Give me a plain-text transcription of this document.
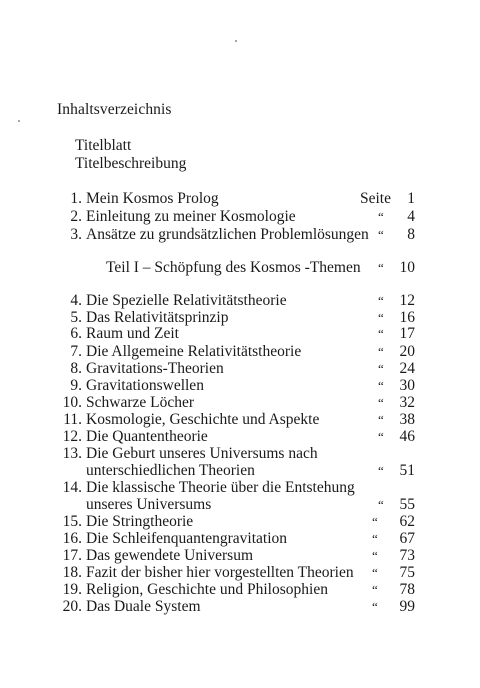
Inhaltsverzeichnis
Titelblatt
Titelbeschreibung
1. Mein Kosmos Prolog	Seite 1
2. Einleitung zu meiner Kosmologie	“ 4
3. Ansätze zu grundsätzlichen Problemlösungen “ 8
Teil I – Schöpfung des Kosmos -Themen “ 10
4. Die Spezielle Relativitätstheorie	“ 12
5. Das Relativitätsprinzip	“ 16
6. Raum und Zeit	“ 17
7. Die Allgemeine Relativitätstheorie	“ 20
8. Gravitations-Theorien	“ 24
9. Gravitationswellen	“ 30
10. Schwarze Löcher	“ 32
11. Kosmologie, Geschichte und Aspekte	“ 38
12. Die Quantentheorie	“ 46
13. Die Geburt unseres Universums nach
unterschiedlichen Theorien	“ 51
14. Die klassische Theorie über die Entstehung
unseres Universums	“ 55
15. Die Stringtheorie	“ 62
16. Die Schleifenquantengravitation	“ 67
17. Das gewendete Universum	“ 73
18. Fazit der bisher hier vorgestellten Theorien “ 75
19. Religion, Geschichte und Philosophien	“ 78
20. Das Duale System	“ 99
